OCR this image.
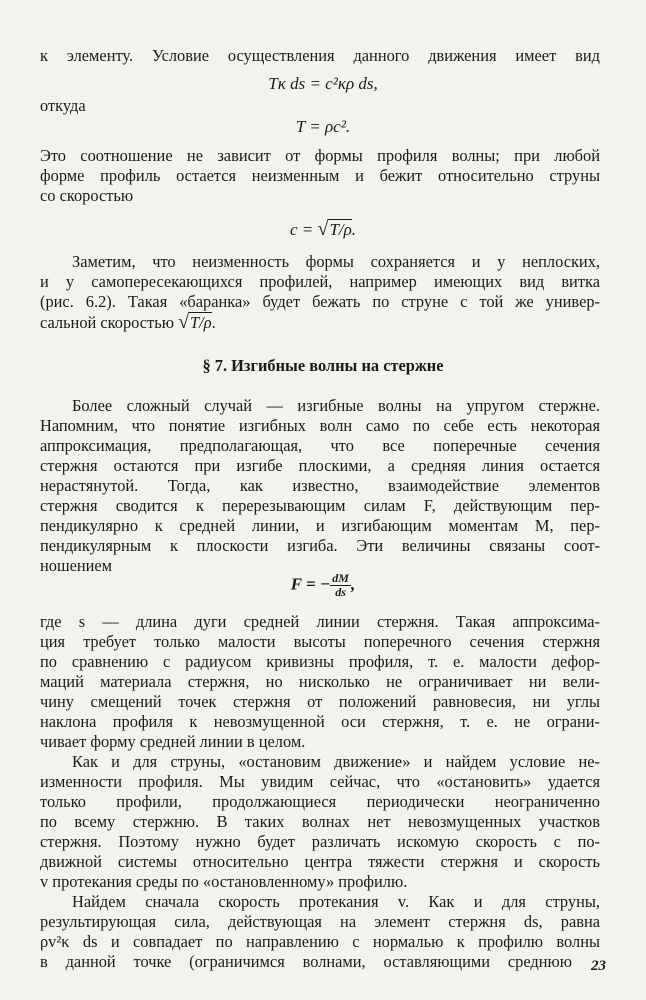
к элементу. Условие осуществления данного движения имеет вид
Tκ ds = c²κρ ds,
откуда
T = ρc².
Это соотношение не зависит от формы профиля волны; при любой
форме профиль остается неизменным и бежит относительно струны
со скоростью
c = √T/ρ.
Заметим, что неизменность формы сохраняется и у неплоских,
и у самопересекающихся профилей, например имеющих вид витка
(рис. 6.2). Такая «баранка» будет бежать по струне с той же универ-
сальной скоростью √T/ρ.
§ 7. Изгибные волны на стержне
Более сложный случай — изгибные волны на упругом стержне.
Напомним, что понятие изгибных волн само по себе есть некоторая
аппроксимация, предполагающая, что все поперечные сечения
стержня остаются при изгибе плоскими, а средняя линия остается
нерастянутой. Тогда, как известно, взаимодействие элементов
стержня сводится к перерезывающим силам F, действующим пер-
пендикулярно к средней линии, и изгибающим моментам M, пер-
пендикулярным к плоскости изгиба. Эти величины связаны соот-
ношением
F = − $\frac{dM}{ds}$ ,
где s — длина дуги средней линии стержня. Такая аппроксима-
ция требует только малости высоты поперечного сечения стержня
по сравнению с радиусом кривизны профиля, т. е. малости дефор-
маций материала стержня, но нисколько не ограничивает ни вели-
чину смещений точек стержня от положений равновесия, ни углы
наклона профиля к невозмущенной оси стержня, т. е. не ограни-
чивает форму средней линии в целом.
Как и для струны, «остановим движение» и найдем условие не-
изменности профиля. Мы увидим сейчас, что «остановить» удается
только профили, продолжающиеся периодически неограниченно
по всему стержню. В таких волнах нет невозмущенных участков
стержня. Поэтому нужно будет различать искомую скорость c по-
движной системы относительно центра тяжести стержня и скорость
v протекания среды по «остановленному» профилю.
Найдем сначала скорость протекания v. Как и для струны,
результирующая сила, действующая на элемент стержня ds, равна
ρv²κ ds и совпадает по направлению с нормалью к профилю волны
в данной точке (ограничимся волнами, оставляющими среднюю 23
